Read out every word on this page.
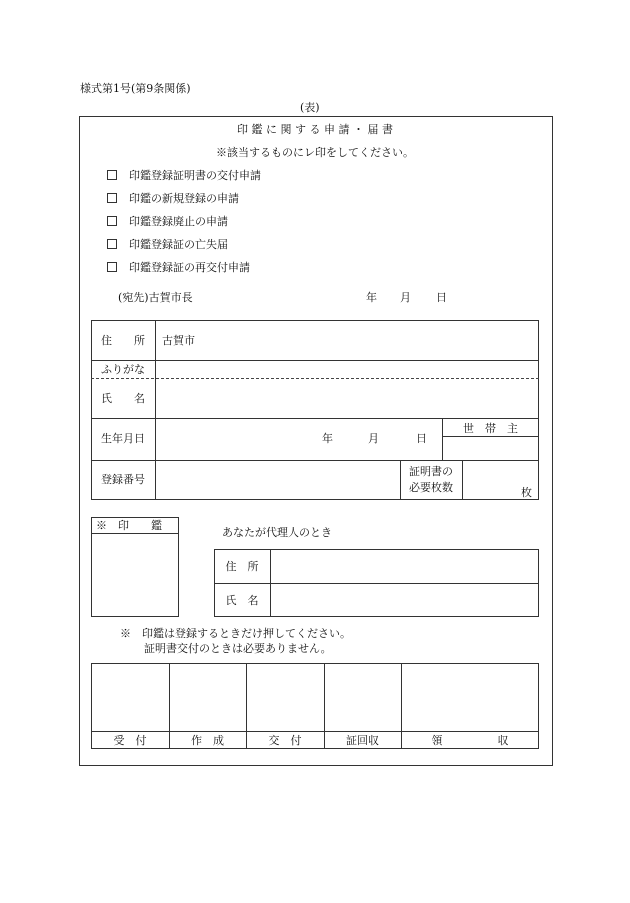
様式第1号(第9条関係)
(表)
印 鑑 に 関 す る 申 請 ・ 届 書
※該当するものにレ印をしてください。
印鑑登録証明書の交付申請
印鑑の新規登録の申請
印鑑登録廃止の申請
印鑑登録証の亡失届
印鑑登録証の再交付申請
(宛先)古賀市長	年 月 日
住　　所	古賀市
ふりがな
氏　　名
生年月日	年	月	日
世　帯　主
登録番号
証明書の
必要枚数	枚
※　印　　鑑
あなたが代理人のとき
住　所
氏　名
※　印鑑は登録するときだけ押してください。
証明書交付のときは必要ありません。
受　付	作　成	交　付	証回収	領　　　　　収
